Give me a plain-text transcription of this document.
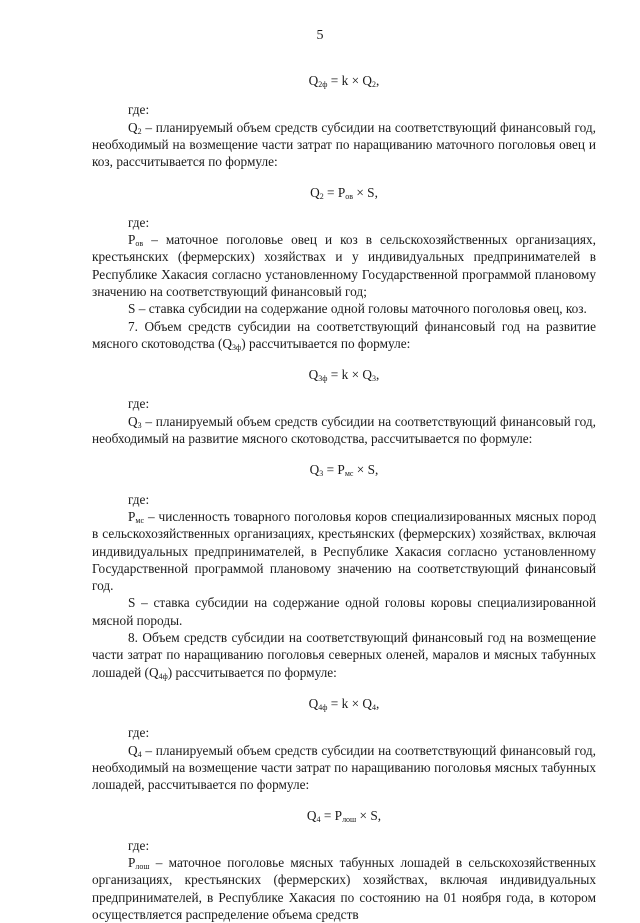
5
$Q_{2ф} = k \times Q_2$,

где:

$Q_2$ – планируемый объем средств субсидии на соответствующий финансовый год, необходимый на возмещение части затрат по наращиванию маточного поголовья овец и коз, рассчитывается по формуле:

$Q_2 = P_{ов} \times S$,

где:

$P_{ов}$ – маточное поголовье овец и коз в сельскохозяйственных организациях, крестьянских (фермерских) хозяйствах и у индивидуальных предпринимателей в Республике Хакасия согласно установленному Государственной программой плановому значению на соответствующий финансовый год;

S – ставка субсидии на содержание одной головы маточного поголовья овец, коз.

7. Объем средств субсидии на соответствующий финансовый год на развитие мясного скотоводства $(Q_{3ф})$ рассчитывается по формуле:

$Q_{3ф} = k \times Q_3$,

где:

$Q_3$ – планируемый объем средств субсидии на соответствующий финансовый год, необходимый на развитие мясного скотоводства, рассчитывается по формуле:

$Q_3 = P_{мс} \times S$,

где:

$P_{мс}$ – численность товарного поголовья коров специализированных мясных пород в сельскохозяйственных организациях, крестьянских (фермерских) хозяйствах, включая индивидуальных предпринимателей, в Республике Хакасия согласно установленному Государственной программой плановому значению на соответствующий финансовый год.

S – ставка субсидии на содержание одной головы коровы специализированной мясной породы.

8. Объем средств субсидии на соответствующий финансовый год на возмещение части затрат по наращиванию поголовья северных оленей, маралов и мясных табунных лошадей $(Q_{4ф})$ рассчитывается по формуле:

$Q_{4ф} = k \times Q_4$,

где:

$Q_4$ – планируемый объем средств субсидии на соответствующий финансовый год, необходимый на возмещение части затрат по наращиванию поголовья мясных табунных лошадей, рассчитывается по формуле:

$Q_4 = P_{лош} \times S$,

где:

$P_{лош}$ – маточное поголовье мясных табунных лошадей в сельскохозяйственных организациях, крестьянских (фермерских) хозяйствах, включая индивидуальных предпринимателей, в Республике Хакасия по состоянию на 01 ноября года, в котором осуществляется распределение объема средств
